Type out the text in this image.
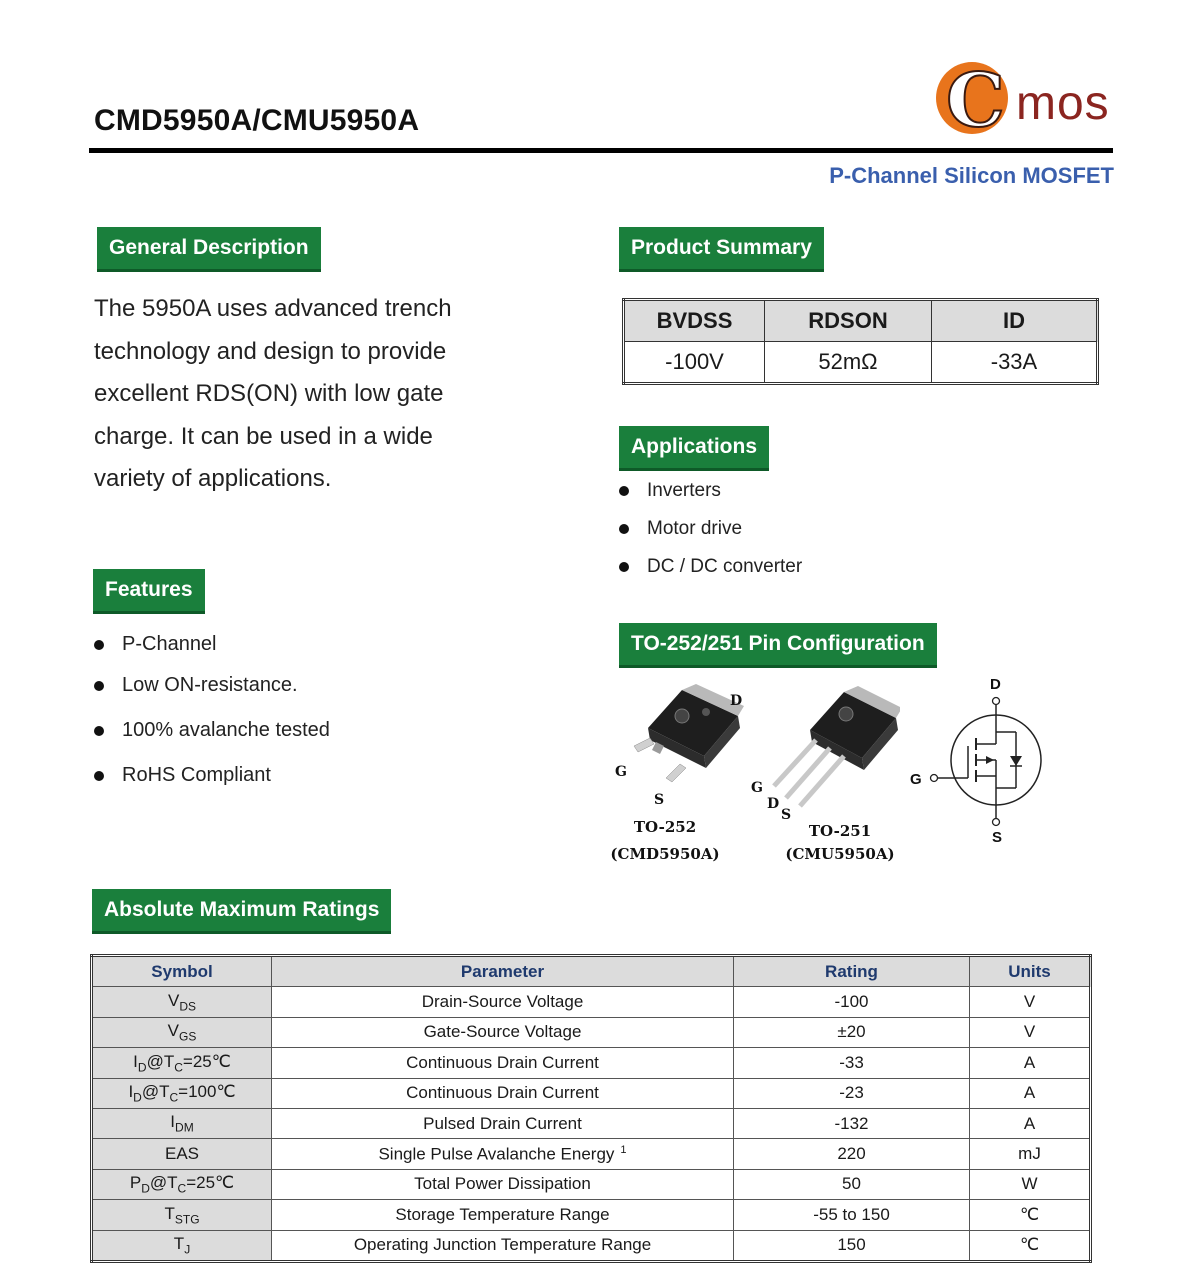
CMD5950A/CMU5950A	C mos
P-Channel Silicon MOSFET
General Description
The 5950A uses advanced trench
technology and design to provide
excellent RDS(ON) with low gate
charge. It can be used in a wide
variety of applications.
Features
P-Channel
Low ON-resistance.
100% avalanche tested
RoHS Compliant
Product Summary
BVDSS	RDSON	ID
-100V	52mΩ	-33A
Applications
Inverters
Motor drive
DC / DC converter
TO-252/251 Pin Configuration
G
S
D
TO-252
(CMD5950A)
G
D
S
TO-251
(CMU5950A)
D
G
S
Absolute Maximum Ratings
Symbol	Parameter	Rating	Units
$V_{DS}$	Drain-Source Voltage	-100	V
$V_{GS}$	Gate-Source Voltage	±20	V
$I_D@T_C=25℃$	Continuous Drain Current	-33	A
$I_D@T_C=100℃$	Continuous Drain Current	-23	A
$I_{DM}$	Pulsed Drain Current	-132	A
EAS	Single Pulse Avalanche Energy $^1$	220	mJ
$P_D@T_C=25℃$	Total Power Dissipation	50	W
$T_{STG}$	Storage Temperature Range	-55 to 150	℃
$T_J$	Operating Junction Temperature Range	150	℃
